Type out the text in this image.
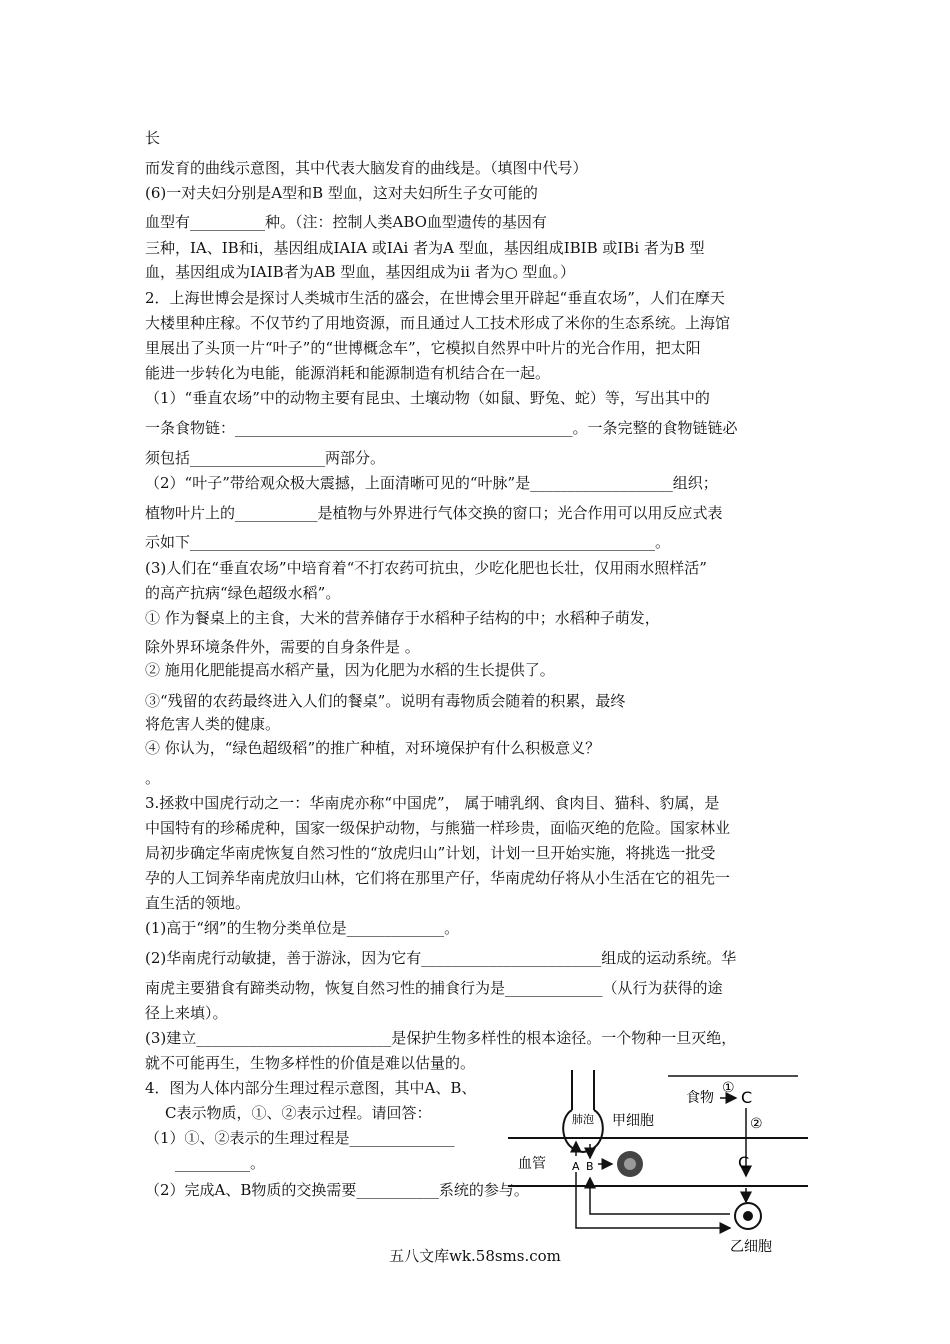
长
而发育的曲线示意图，其中代表大脑发育的曲线是。（填图中代号）
(6)一对夫妇分别是A型和B 型血，这对夫妇所生子女可能的
血型有__________种。（注：控制人类ABO血型遗传的基因有
三种，IA、IB和i，基因组成IAIA 或IAi 者为A 型血，基因组成IBIB 或IBi 者为B 型
血，基因组成为IAIB者为AB 型血，基因组成为ii 者为○ 型血。）
2．上海世博会是探讨人类城市生活的盛会，在世博会里开辟起“垂直农场”，人们在摩天
大楼里种庄稼。不仅节约了用地资源，而且通过人工技术形成了米你的生态系统。上海馆
里展出了头顶一片“叶子”的“世博概念车”，它模拟自然界中叶片的光合作用，把太阳
能进一步转化为电能，能源消耗和能源制造有机结合在一起。
（1）“垂直农场”中的动物主要有昆虫、土壤动物（如鼠、野兔、蛇）等，写出其中的
一条食物链：_____________________________________________。一条完整的食物链链必
须包括__________________两部分。
（2）“叶子”带给观众极大震撼，上面清晰可见的“叶脉”是___________________组织；
植物叶片上的___________是植物与外界进行气体交换的窗口；光合作用可以用反应式表
示如下______________________________________________________________。
(3)人们在“垂直农场”中培育着“不打农药可抗虫，少吃化肥也长壮，仅用雨水照样活”
的高产抗病“绿色超级水稻”。
① 作为餐桌上的主食，大米的营养储存于水稻种子结构的中；水稻种子萌发，
除外界环境条件外，需要的自身条件是 。
② 施用化肥能提高水稻产量，因为化肥为水稻的生长提供了。
③“残留的农药最终进入人们的餐桌”。说明有毒物质会随着的积累，最终
将危害人类的健康。
④ 你认为，“绿色超级稻”的推广种植，对环境保护有什么积极意义？
。
3.拯救中国虎行动之一：华南虎亦称“中国虎”， 属于哺乳纲、食肉目、猫科、豹属，是
中国特有的珍稀虎种，国家一级保护动物，与熊猫一样珍贵，面临灭绝的危险。国家林业
局初步确定华南虎恢复自然习性的“放虎归山”计划，计划一旦开始实施，将挑选一批受
孕的人工饲养华南虎放归山林，它们将在那里产仔，华南虎幼仔将从小生活在它的祖先一
直生活的领地。
(1)高于“纲”的生物分类单位是_____________。
(2)华南虎行动敏捷，善于游泳，因为它有________________________组成的运动系统。华
南虎主要猎食有蹄类动物，恢复自然习性的捕食行为是_____________（从行为获得的途
径上来填）。
(3)建立__________________________是保护生物多样性的根本途径。一个物种一旦灭绝，
就不可能再生，生物多样性的价值是难以估量的。
4．图为人体内部分生理过程示意图，其中A、B、
C表示物质，①、②表示过程。请回答：
（1）①、②表示的生理过程是______________
__________。
（2）完成A、B物质的交换需要___________系统的参与。
肺泡 甲细胞
食物
① C
②
C
血管 A B
乙细胞
五八文库wk.58sms.com
